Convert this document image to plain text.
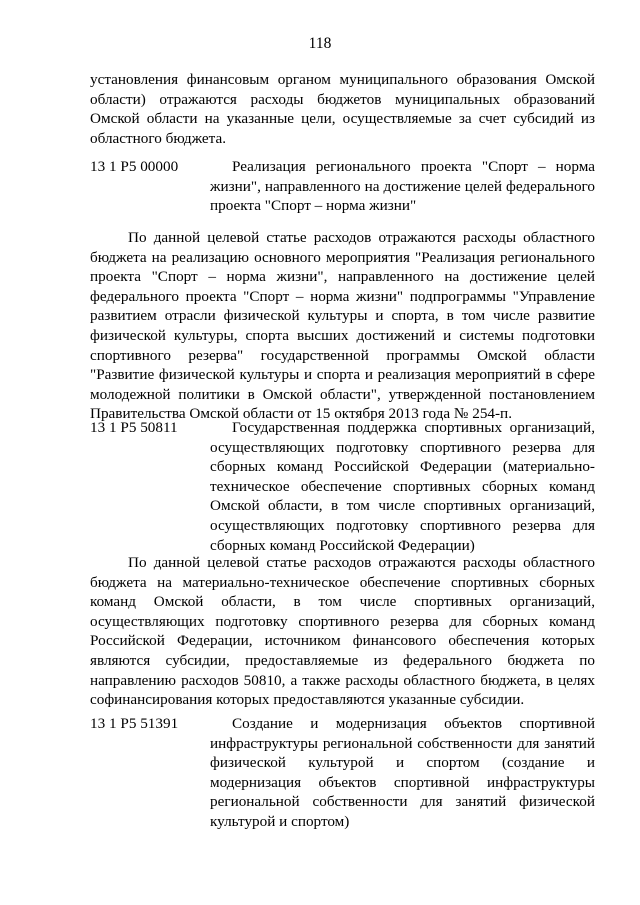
118
установления финансовым органом муниципального образования Омской
области) отражаются расходы бюджетов муниципальных образований
Омской области на указанные цели, осуществляемые за счет субсидий из
областного бюджета.
13 1 Р5 00000	Реализация регионального проекта "Спорт – норма
жизни", направленного на достижение целей федерального
проекта "Спорт – норма жизни"
По данной целевой статье расходов отражаются расходы областного
бюджета на реализацию основного мероприятия "Реализация регионального
проекта "Спорт – норма жизни", направленного на достижение целей
федерального проекта "Спорт – норма жизни" подпрограммы "Управление
развитием отрасли физической культуры и спорта, в том числе развитие
физической культуры, спорта высших достижений и системы подготовки
спортивного резерва" государственной программы Омской области
"Развитие физической культуры и спорта и реализация мероприятий в сфере
молодежной политики в Омской области", утвержденной постановлением
Правительства Омской области от 15 октября 2013 года № 254-п.
13 1 Р5 50811	Государственная поддержка спортивных организаций,
осуществляющих подготовку спортивного резерва для
сборных команд Российской Федерации (материально-
техническое обеспечение спортивных сборных команд
Омской области, в том числе спортивных организаций,
осуществляющих подготовку спортивного резерва для
сборных команд Российской Федерации)
По данной целевой статье расходов отражаются расходы областного
бюджета на материально-техническое обеспечение спортивных сборных
команд Омской области, в том числе спортивных организаций,
осуществляющих подготовку спортивного резерва для сборных команд
Российской Федерации, источником финансового обеспечения которых
являются субсидии, предоставляемые из федерального бюджета по
направлению расходов 50810, а также расходы областного бюджета, в целях
софинансирования которых предоставляются указанные субсидии.
13 1 Р5 51391	Создание и модернизация объектов спортивной
инфраструктуры региональной собственности для занятий
физической культурой и спортом (создание и
модернизация объектов спортивной инфраструктуры
региональной собственности для занятий физической
культурой и спортом)
